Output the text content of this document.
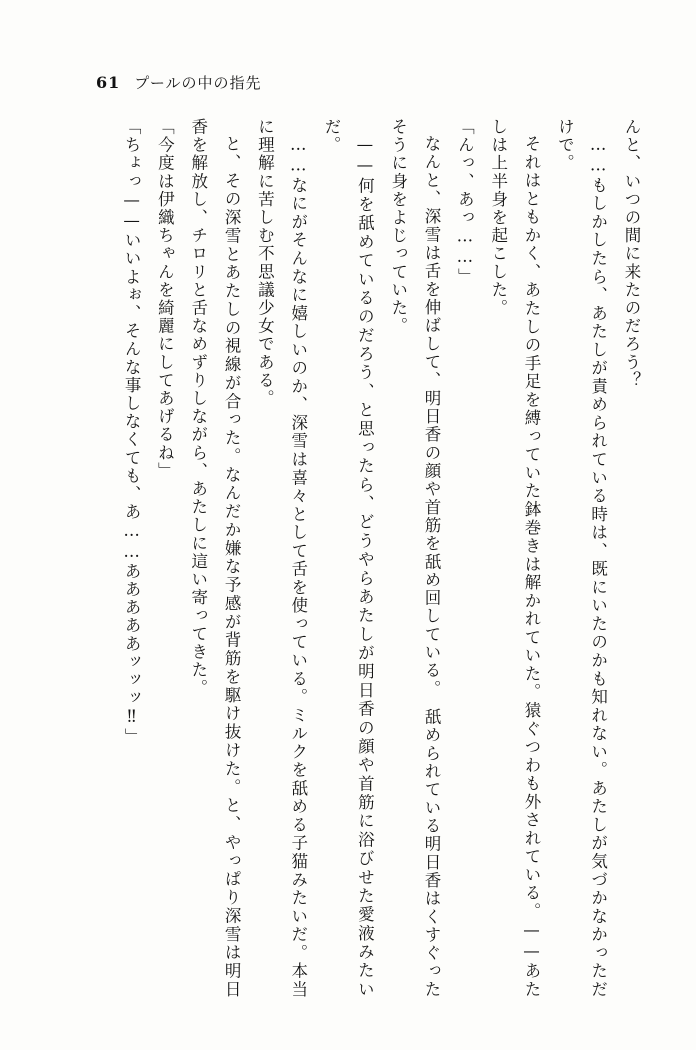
61 プールの中の指先

んと、いつの間に来たのだろう？

……もしかしたら、あたしが責められている時は、既にいたのかも知れない。あたしが気づかなかっただけで。

それはともかく、あたしの手足を縛っていた鉢巻きは解かれていた。猿ぐつわも外されている。——あたしは上半身を起こした。

「んっ、あっ……」

なんと、深雪は舌を伸ばして、明日香の顔や首筋を舐め回している。　舐められている明日香はくすぐったそうに身をよじっていた。

——何を舐めているのだろう、と思ったら、どうやらあたしが明日香の顔や首筋に浴びせた愛液みたいだ。

……なにがそんなに嬉しいのか、深雪は喜々として舌を使っている。ミルクを舐める子猫みたいだ。本当に理解に苦しむ不思議少女である。

と、その深雪とあたしの視線が合った。なんだか嫌な予感が背筋を駆け抜けた。と、やっぱり深雪は明日香を解放し、チロリと舌なめずりしながら、あたしに這い寄ってきた。

「今度は伊織ちゃんを綺麗にしてあげるね」

「ちょっ——いいよぉ、そんな事しなくても、あ……あああああッッッ‼︎」
